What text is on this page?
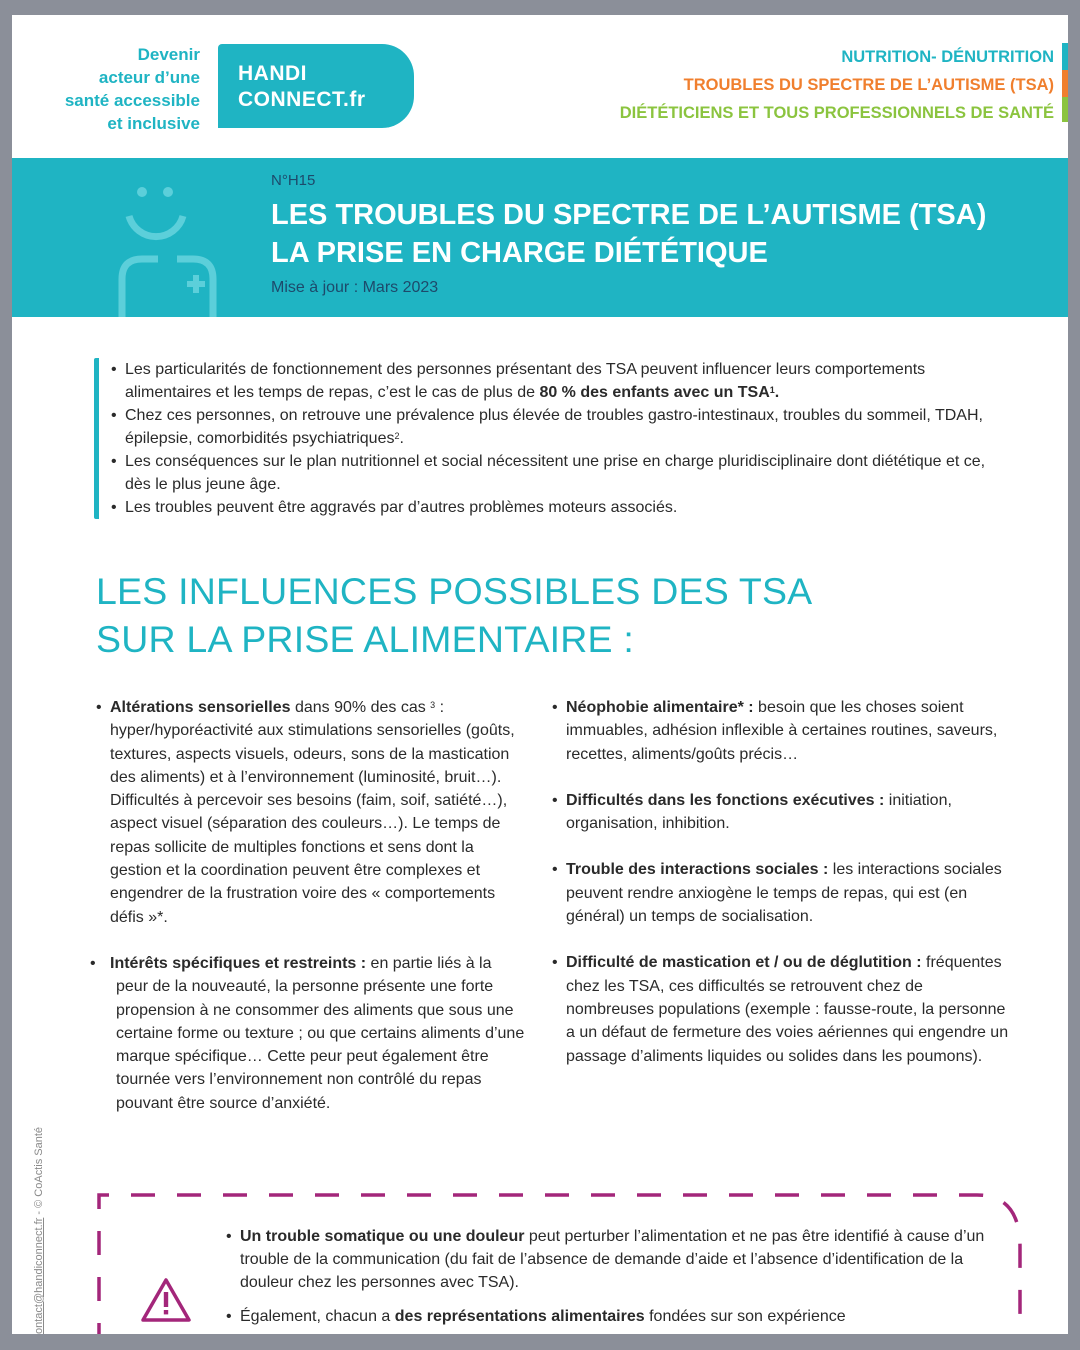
Devenir
acteur d’une
santé accessible
et inclusive
HANDI
CONNECT.fr
NUTRITION- DÉNUTRITION
TROUBLES DU SPECTRE DE L’AUTISME (TSA)
DIÉTÉTICIENS ET TOUS PROFESSIONNELS DE SANTÉ
N°H15
LES TROUBLES DU SPECTRE DE L’AUTISME (TSA)
LA PRISE EN CHARGE DIÉTÉTIQUE
Mise à jour : Mars 2023
• Les particularités de fonctionnement des personnes présentant des TSA peuvent influencer leurs comportements alimentaires et les temps de repas, c’est le cas de plus de 80 % des enfants avec un TSA$^1$.
• Chez ces personnes, on retrouve une prévalence plus élevée de troubles gastro-intestinaux, troubles du sommeil, TDAH, épilepsie, comorbidités psychiatriques$^2$.
• Les conséquences sur le plan nutritionnel et social nécessitent une prise en charge pluridisciplinaire dont diététique et ce, dès le plus jeune âge.
• Les troubles peuvent être aggravés par d’autres problèmes moteurs associés.
LES INFLUENCES POSSIBLES DES TSA
SUR LA PRISE ALIMENTAIRE :
• Altérations sensorielles dans 90% des cas $^3$ : hyper/hyporéactivité aux stimulations sensorielles (goûts, textures, aspects visuels, odeurs, sons de la mastication des aliments) et à l’environnement (luminosité, bruit…). Difficultés à percevoir ses besoins (faim, soif, satiété…), aspect visuel (séparation des couleurs…). Le temps de repas sollicite de multiples fonctions et sens dont la gestion et la coordination peuvent être complexes et engendrer de la frustration voire des « comportements défis »*.
• Intérêts spécifiques et restreints : en partie liés à la peur de la nouveauté, la personne présente une forte propension à ne consommer des aliments que sous une certaine forme ou texture ; ou que certains aliments d’une marque spécifique… Cette peur peut également être tournée vers l’environnement non contrôlé du repas pouvant être source d’anxiété.
• Néophobie alimentaire* : besoin que les choses soient immuables, adhésion inflexible à certaines routines, saveurs, recettes, aliments/goûts précis…
• Difficultés dans les fonctions exécutives : initiation, organisation, inhibition.
• Trouble des interactions sociales : les interactions sociales peuvent rendre anxiogène le temps de repas, qui est (en général) un temps de socialisation.
• Difficulté de mastication et / ou de déglutition : fréquentes chez les TSA, ces difficultés se retrouvent chez de nombreuses populations (exemple : fausse-route, la personne a un défaut de fermeture des voies aériennes qui engendre un passage d’aliments liquides ou solides dans les poumons).
ontact@handiconnect.fr - © CoActis Santé
• Un trouble somatique ou une douleur peut perturber l’alimentation et ne pas être identifié à cause d’un trouble de la communication (du fait de l’absence de demande d’aide et l’absence d’identification de la douleur chez les personnes avec TSA).
• Également, chacun a des représentations alimentaires fondées sur son expérience
